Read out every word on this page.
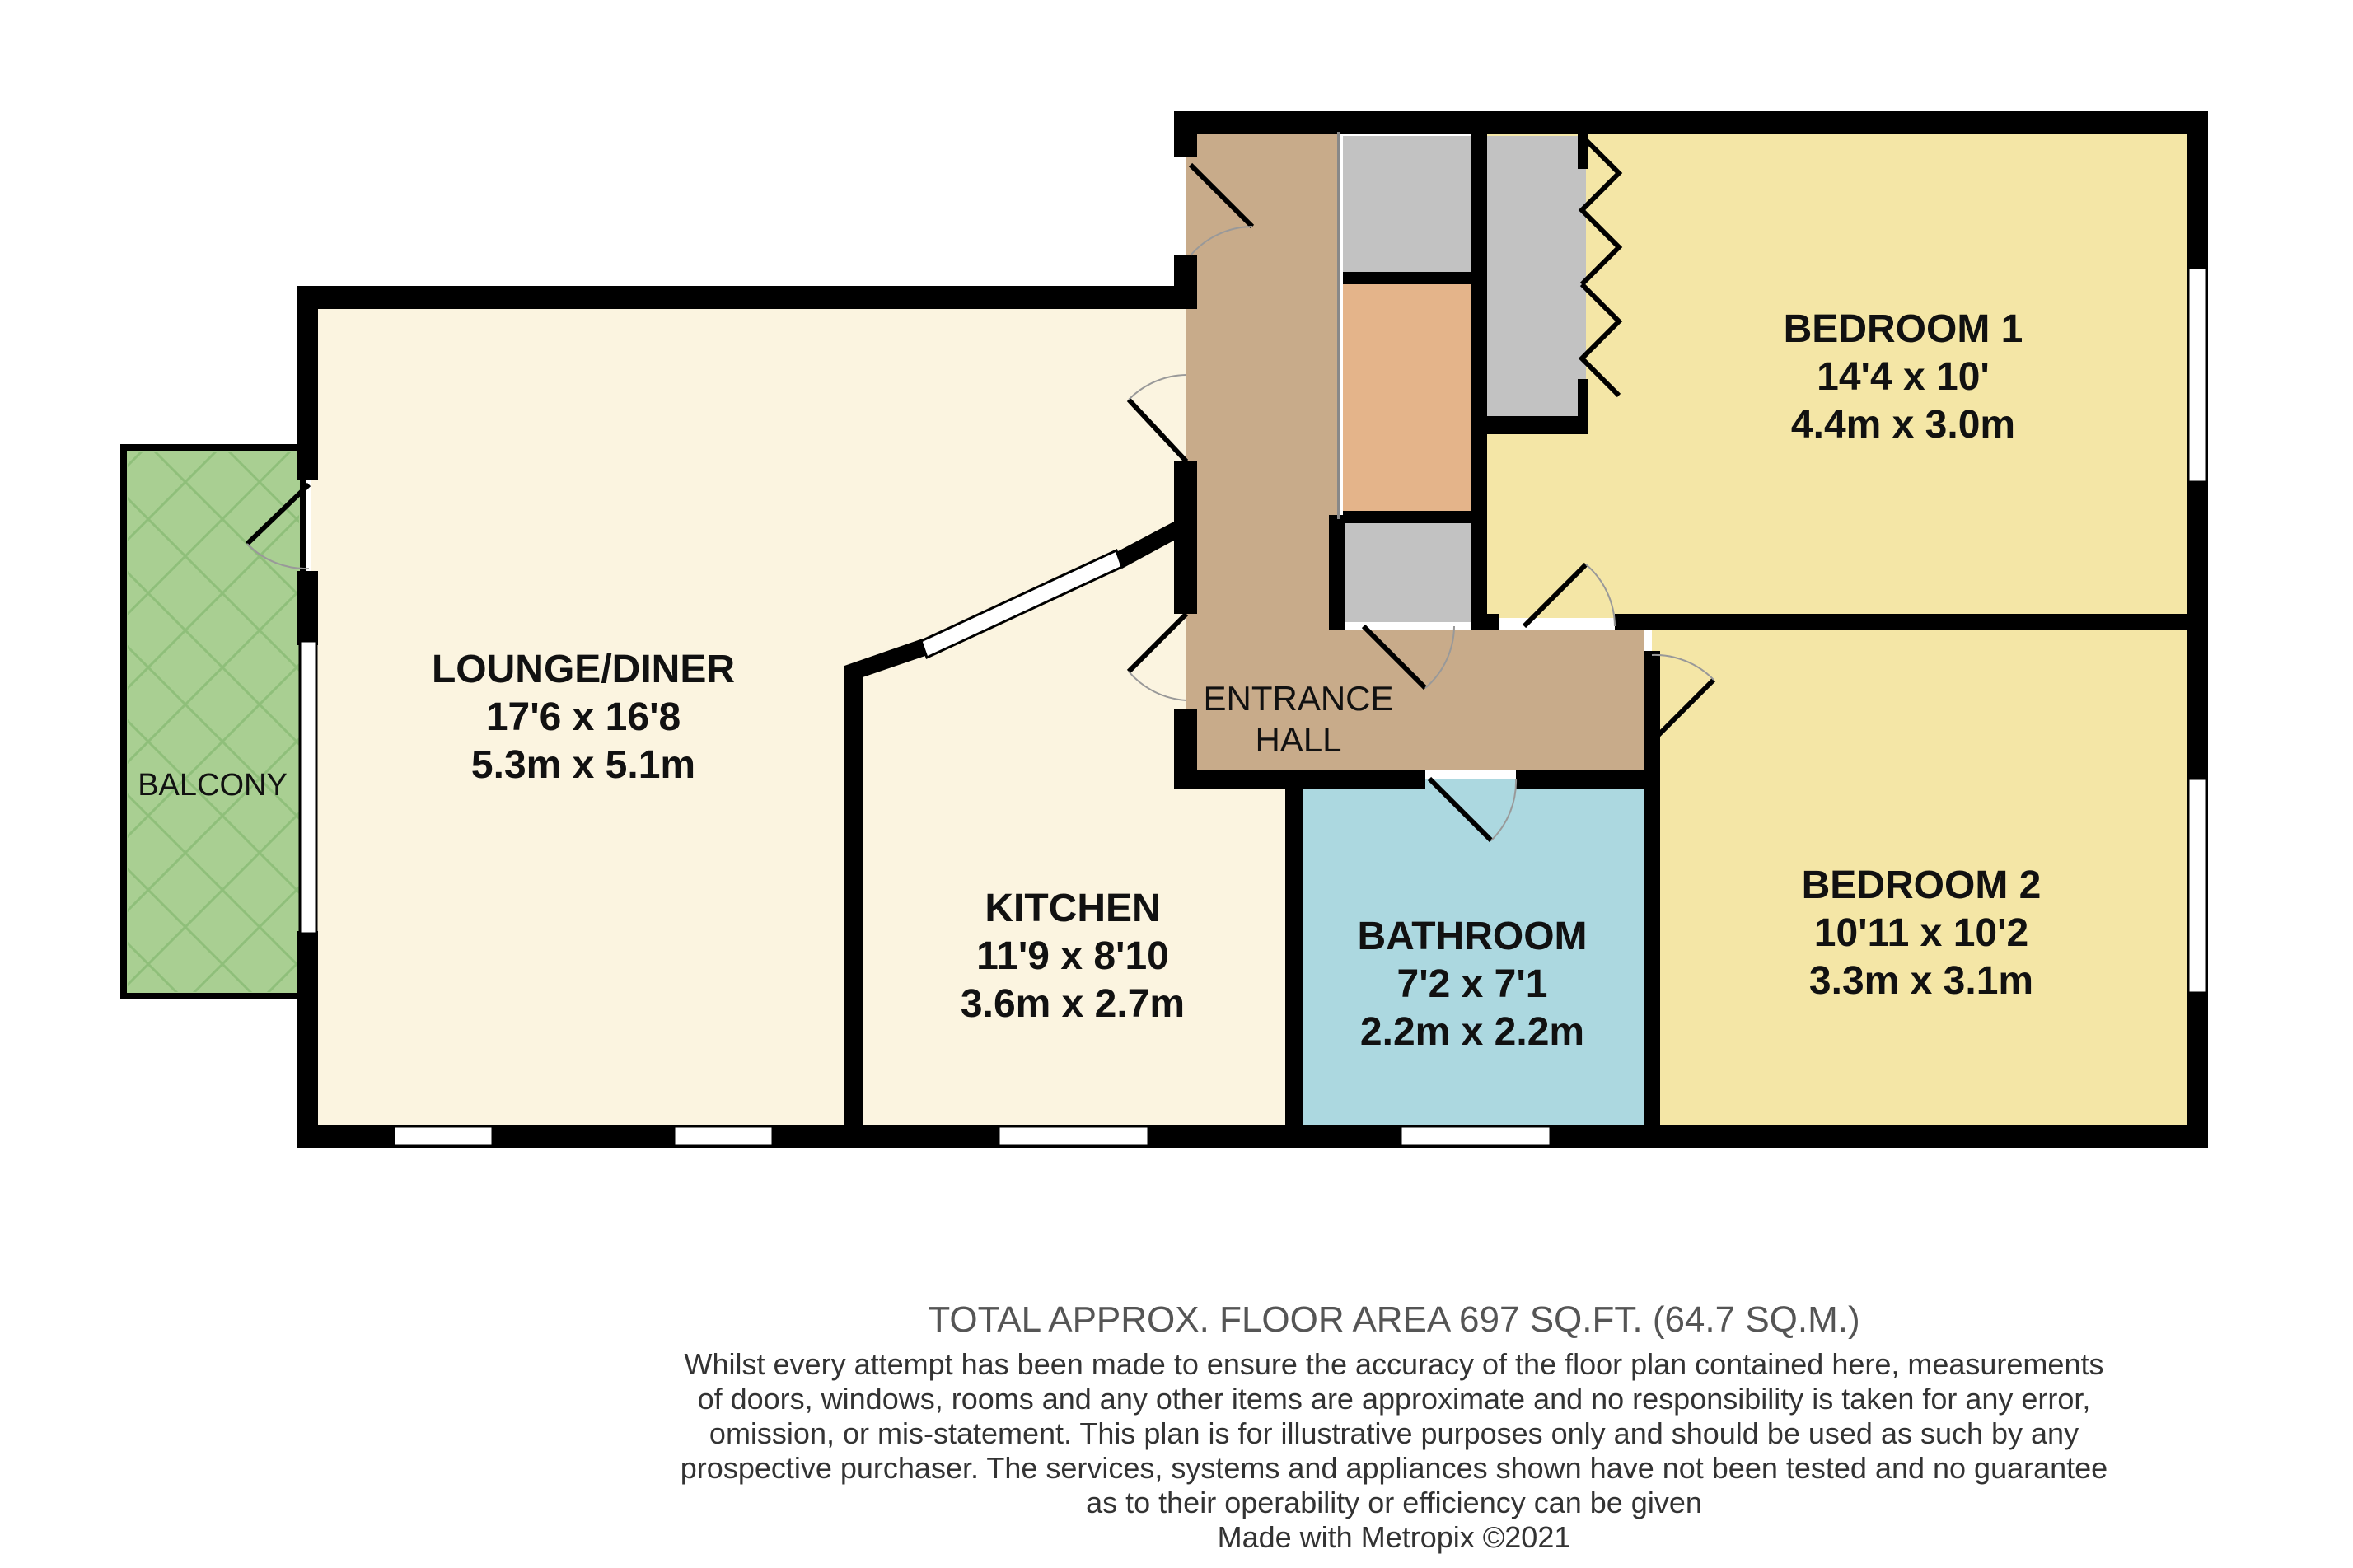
LOUNGE/DINER
17'6 x 16'8
5.3m x 5.1m
KITCHEN
11'9 x 8'10
3.6m x 2.7m
BEDROOM 1
14'4 x 10'
4.4m x 3.0m
BEDROOM 2
10'11 x 10'2
3.3m x 3.1m
BATHROOM
7'2 x 7'1
2.2m x 2.2m
ENTRANCE
HALL
BALCONY
TOTAL APPROX. FLOOR AREA 697 SQ.FT. (64.7 SQ.M.)
Whilst every attempt has been made to ensure the accuracy of the floor plan contained here, measurements
of doors, windows, rooms and any other items are approximate and no responsibility is taken for any error,
omission, or mis-statement. This plan is for illustrative purposes only and should be used as such by any
prospective purchaser. The services, systems and appliances shown have not been tested and no guarantee
as to their operability or efficiency can be given
Made with Metropix ©2021
